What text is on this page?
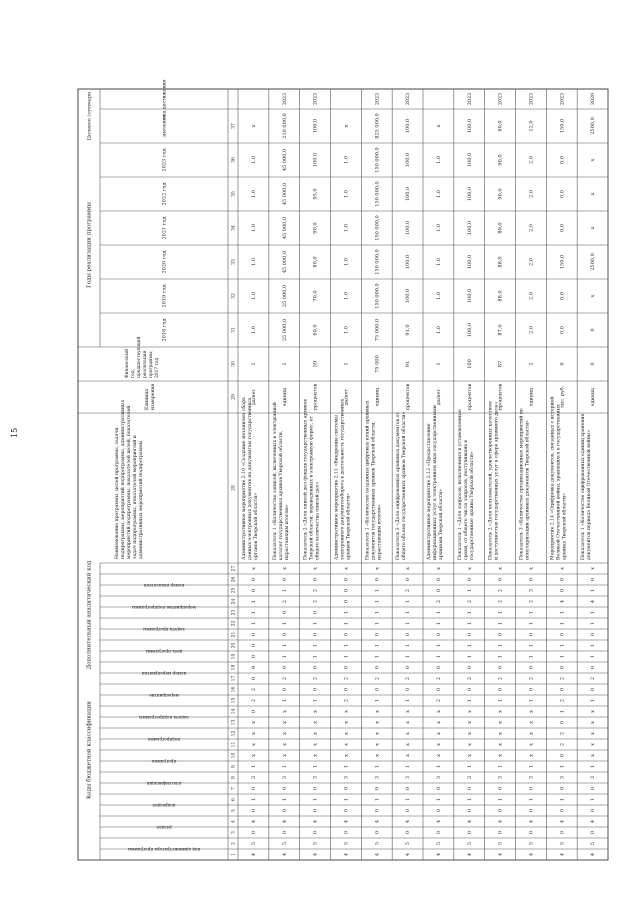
15
Коды бюджетной классификации
Дополнительный аналитический код
Годы реализации программы
Целевое (суммарн
код администратора программы
раздел
подраздел
классификация
программа
подпрограмма
задача подпрограммы
мероприятие
номер мероприятия
цель программы
задача программы
мероприятие подпрограммы
номер показателя
Наименование программы, целей программы, задачиподпрограммы, мероприятий подпрограммы, административныхмероприятий подпрограммы, показателей целей, показателейзадач подпрограммы, показателей мероприятий иадминистративных мероприятий подпрограммы
Единицаизмерения
Финансовыйгод,предшествующийреализациипрограммы,2017 год
2018 год
2019 год
2020 год
2021 год
2022 год
2023 год
значение
год достижения
1
2
3
4
5
6
7
8
9
10
11
12
13
14
15
16
17
18
19
20
21
22
23
24
25
26
27
28
29
30
31
32
33
34
35
36
37
4
5
0
4
0
1
0
3
1
х
х
х
х
0
2
2
0
9
0
0
0
1
1
1
0
0
х
Административное мероприятие 2.10 «Создание механизма сбораданных электронных документов по документам государственныхорганов Тверской области»
да/нет
1
1.0
1.0
1.0
1.0
1.0
1.0
х
4
5
0
4
0
1
0
3
1
х
х
х
х
х
1
0
2
0
1
1
0
1
0
2
1
0
х
Показатель 1 «Количество записей, включенных в электронныйкаталог государственных архивов Тверской области,нарастающим итогом»
единиц
1
25 000,0
25 000,0
45 000,0
45 000,0
45 000,0
45 000,0
210 000,0
2023
4
5
0
4
0
1
0
3
1
х
х
х
х
х
1
0
2
0
1
1
0
1
0
2
2
0
х
Показатель 2 «Доля описей дел фондов государственных архивовТверской области, переведенных в электронную форму, отобщего количества описей дел»
процентов
59
60,0
70,0
80,0
90,0
95,0
100,0
100,0
2023
4
5
0
4
0
1
0
3
1
х
х
х
х
х
2
0
2
0
1
1
0
1
1
0
0
0
х
Административное мероприятие 2.11 «Внедрение системыэлектронного документооборота в деятельность государственныхархивов Тверской области»
да/нет
1
1.0
1.0
1.0
1.0
1.0
1.0
х
4
5
0
4
0
1
0
3
1
х
х
х
х
х
1
0
2
0
1
1
0
1
1
1
1
0
х
Показатель 1 «Количество созданных цифровых копий архивныхдокументов государственных архивов Тверской области,нарастающим итогом»
единиц
75 000
75 000,0
150 000,0
150 000,0
150 000,0
150 000,0
150 000,0
825 000,0
2023
4
5
0
4
0
1
0
3
1
х
х
х
х
х
1
0
2
0
1
1
0
1
1
1
2
0
х
Показатель 2 «Доля оцифрованных архивных документов отобщего объема государственных архивов Тверской области»
процентов
91
91,0
100,0
100,0
100,0
100,0
100,0
100,0
2023
4
5
0
4
0
1
0
3
1
х
х
х
х
х
2
0
2
0
1
1
0
1
1
2
0
0
х
Административное мероприятие 2.12 «Предоставлениеинформационных услуг в электронном виде государственнымиархивами Тверской области»
да/нет
1
1.0
1.0
1.0
1.0
1.0
1.0
х
4
5
0
4
0
1
0
3
1
х
х
х
х
х
1
0
2
0
1
1
0
1
1
2
1
0
х
Показатель 1 «Доля запросов, исполненных в установленныесроки, от общего числа запросов, поступивших вгосударственные архивы Тверской области»
процентов
100
100,0
100,0
100,0
100,0
100,0
100,0
100,0
2023
4
5
0
4
0
1
0
3
1
х
х
х
х
х
1
0
2
0
1
1
0
1
1
2
2
0
х
Показатель 2 «Доля пользователей, удовлетворенных качествоми доступностью государственных услуг в сфере архивного дела»
процентов
87
87,0
88,0
88,0
89,0
90,0
90,0
90,0
2023
4
5
0
4
0
1
0
3
1
х
х
х
х
х
1
0
2
0
1
1
0
1
1
2
3
0
х
Показатель 3 «Количество организационных мероприятий попопуляризации архивных документов Тверской области»
единиц
2
2,0
2,0
2,0
2,0
2,0
2,0
12,0
2023
4
5
0
4
0
1
0
3
1
0
2
2
0
1
2
0
2
0
1
1
0
1
1
4
0
0
х
Мероприятие 2.14 «Оцифровка документов, связанных с историейВеликой Отечественной войны, хранящихся в государственныхархивах Тверской области»
тыс. руб.
0
0,0
0,0
150,0
0,0
0,0
0,0
150,0
2023
4
5
0
4
0
1
0
3
1
х
х
х
х
х
1
0
2
0
1
1
0
1
1
4
1
0
х
Показатель 1 «Количество оцифрованных единиц хранениядокументов периода Великой Отечественной войны»
единиц
0
0
х
2500,0
х
х
х
2500,0
2020
